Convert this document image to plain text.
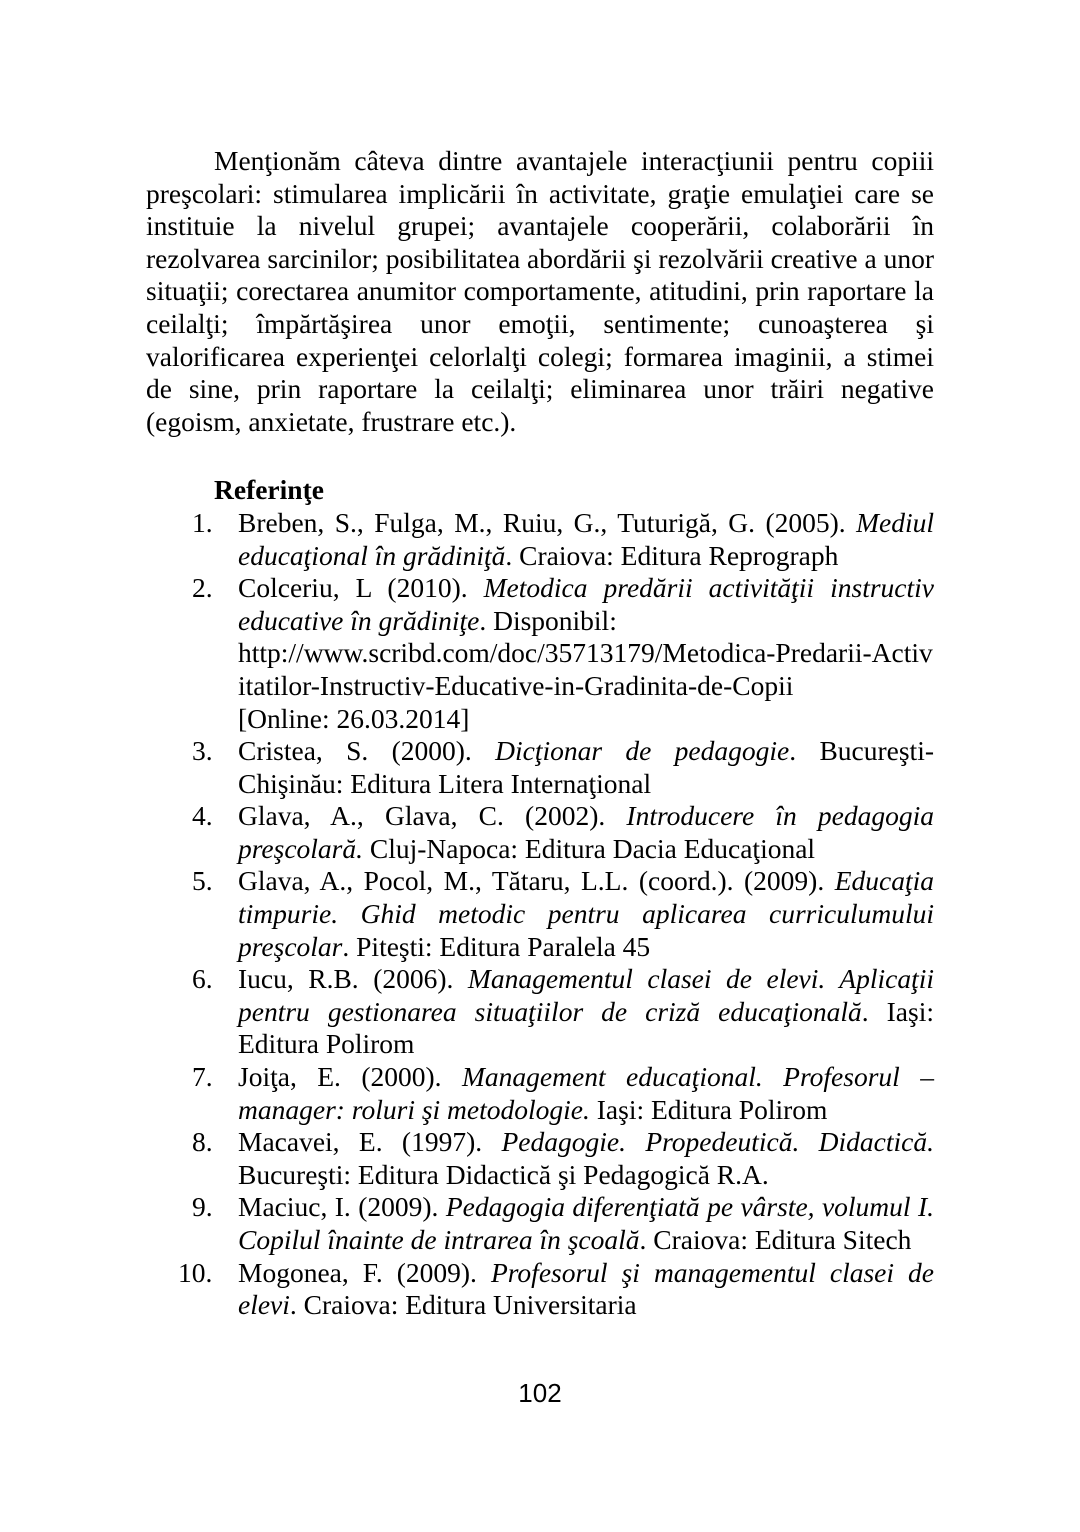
Menţionăm câteva dintre avantajele interacţiunii pentru copiii preşcolari: stimularea implicării în activitate, graţie emulaţiei care se instituie la nivelul grupei; avantajele cooperării, colaborării în rezolvarea sarcinilor; posibilitatea abordării şi rezolvării creative a unor situaţii; corectarea anumitor comportamente, atitudini, prin raportare la ceilalţi; împărtăşirea unor emoţii, sentimente; cunoaşterea şi valorificarea experienţei celorlalţi colegi; formarea imaginii, a stimei de sine, prin raportare la ceilalţi; eliminarea unor trăiri negative (egoism, anxietate, frustrare etc.).

Referinţe
1. Breben, S., Fulga, M., Ruiu, G., Tuturigă, G. (2005). Mediul educaţional în grădiniţă. Craiova: Editura Reprograph
2. Colceriu, L (2010). Metodica predării activităţii instructiv educative în grădiniţe. Disponibil:
http://www.scribd.com/doc/35713179/Metodica-Predarii-Activitatilor-Instructiv-Educative-in-Gradinita-de-Copii
[Online: 26.03.2014]
3. Cristea, S. (2000). Dicţionar de pedagogie. Bucureşti-Chişinău: Editura Litera Internaţional
4. Glava, A., Glava, C. (2002). Introducere în pedagogia preşcolară. Cluj-Napoca: Editura Dacia Educaţional
5. Glava, A., Pocol, M., Tătaru, L.L. (coord.). (2009). Educaţia timpurie. Ghid metodic pentru aplicarea curriculumului preşcolar. Piteşti: Editura Paralela 45
6. Iucu, R.B. (2006). Managementul clasei de elevi. Aplicaţii pentru gestionarea situaţiilor de criză educaţională. Iaşi: Editura Polirom
7. Joiţa, E. (2000). Management educaţional. Profesorul – manager: roluri şi metodologie. Iaşi: Editura Polirom
8. Macavei, E. (1997). Pedagogie. Propedeutică. Didactică. Bucureşti: Editura Didactică şi Pedagogică R.A.
9. Maciuc, I. (2009). Pedagogia diferenţiată pe vârste, volumul I. Copilul înainte de intrarea în şcoală. Craiova: Editura Sitech
10. Mogonea, F. (2009). Profesorul şi managementul clasei de elevi. Craiova: Editura Universitaria
102
